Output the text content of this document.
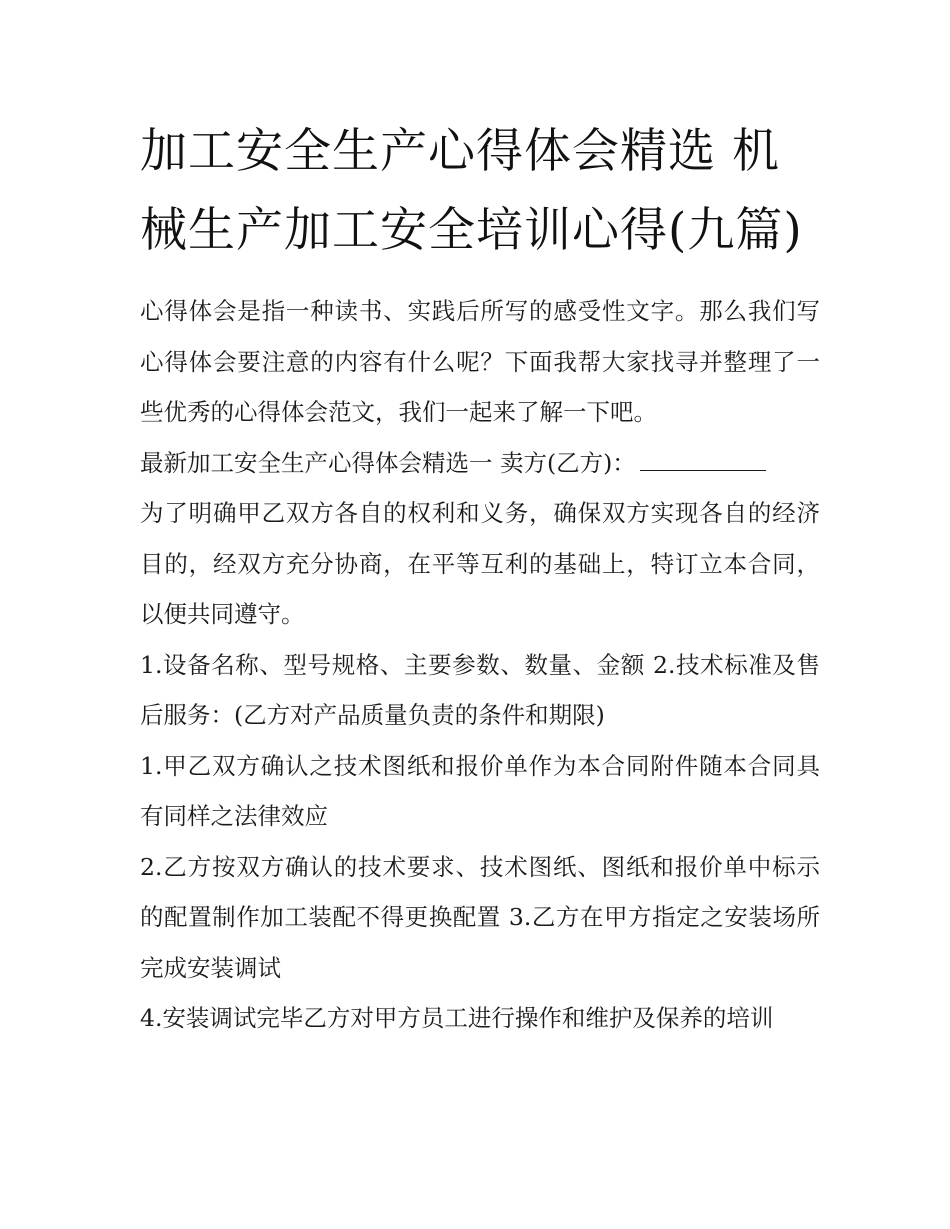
加工安全生产心得体会精选 机械生产加工安全培训心得(九篇)

心得体会是指一种读书、实践后所写的感受性文字。那么我们写心得体会要注意的内容有什么呢？下面我帮大家找寻并整理了一些优秀的心得体会范文，我们一起来了解一下吧。

最新加工安全生产心得体会精选一 卖方(乙方)：

为了明确甲乙双方各自的权利和义务，确保双方实现各自的经济目的，经双方充分协商，在平等互利的基础上，特订立本合同，以便共同遵守。

1.设备名称、型号规格、主要参数、数量、金额 2.技术标准及售后服务：(乙方对产品质量负责的条件和期限)

1.甲乙双方确认之技术图纸和报价单作为本合同附件随本合同具有同样之法律效应

2.乙方按双方确认的技术要求、技术图纸、图纸和报价单中标示的配置制作加工装配不得更换配置 3.乙方在甲方指定之安装场所完成安装调试

4.安装调试完毕乙方对甲方员工进行操作和维护及保养的培训
